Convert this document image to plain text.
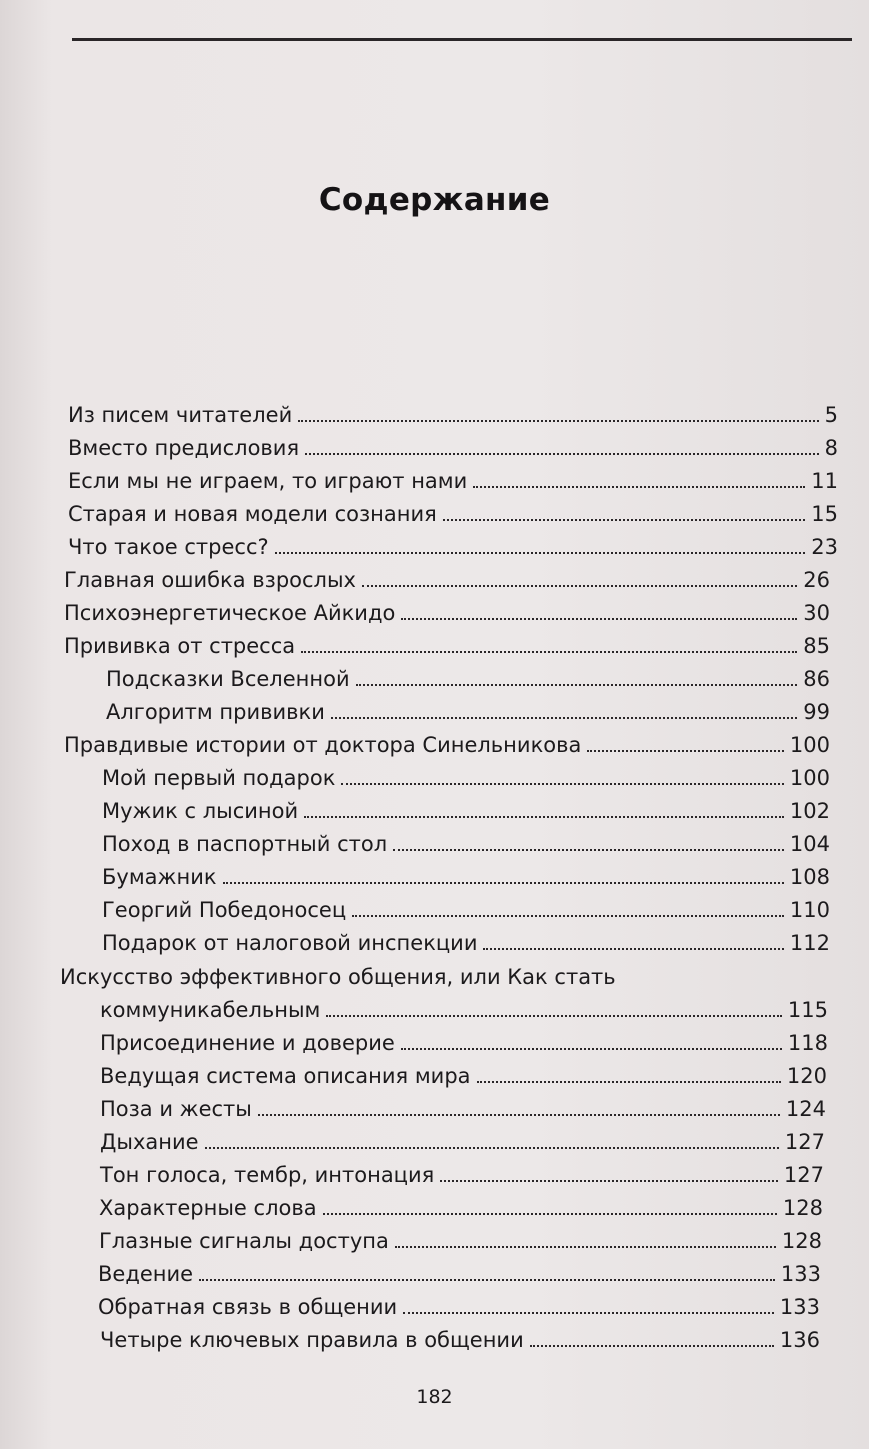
Содержание
Из писем читателей	5
Вместо предисловия	8
Если мы не играем, то играют нами	11
Старая и новая модели сознания	15
Что такое стресс?	23
Главная ошибка взрослых	26
Психоэнергетическое Айкидо	30
Прививка от стресса	85
Подсказки Вселенной	86
Алгоритм прививки	99
Правдивые истории от доктора Синельникова	100
Мой первый подарок	100
Мужик с лысиной	102
Поход в паспортный стол	104
Бумажник	108
Георгий Победоносец	110
Подарок от налоговой инспекции	112
Искусство эффективного общения, или Как стать
коммуникабельным	115
Присоединение и доверие	118
Ведущая система описания мира	120
Поза и жесты	124
Дыхание	127
Тон голоса, тембр, интонация	127
Характерные слова	128
Глазные сигналы доступа	128
Ведение	133
Обратная связь в общении	133
Четыре ключевых правила в общении	136
182
